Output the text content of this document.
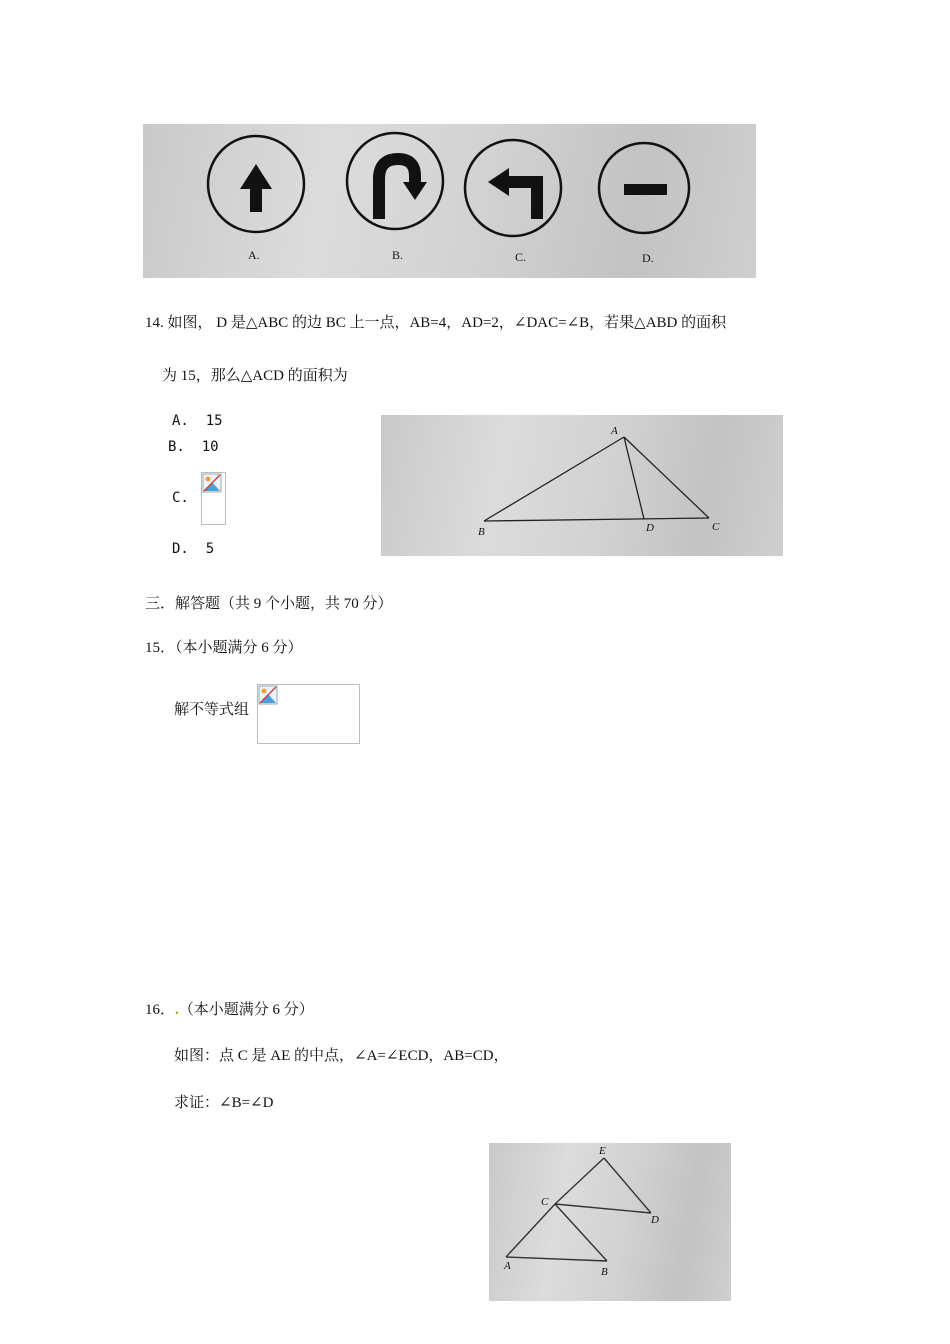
A.	B.	C.	D.
14. 如图， D 是△ABC 的边 BC 上一点，AB=4，AD=2，∠DAC=∠B，若果△ABD 的面积
为 15，那么△ACD 的面积为
A.  15
B.  10
C.
D.  5
A
B	D	C
三．解答题（共 9 个小题，共 70 分）
15．（本小题满分 6 分）
解不等式组
16．.（本小题满分 6 分）
如图：点 C 是 AE 的中点，∠A=∠ECD，AB=CD，
求证：∠B=∠D
E
C
D
A	B
